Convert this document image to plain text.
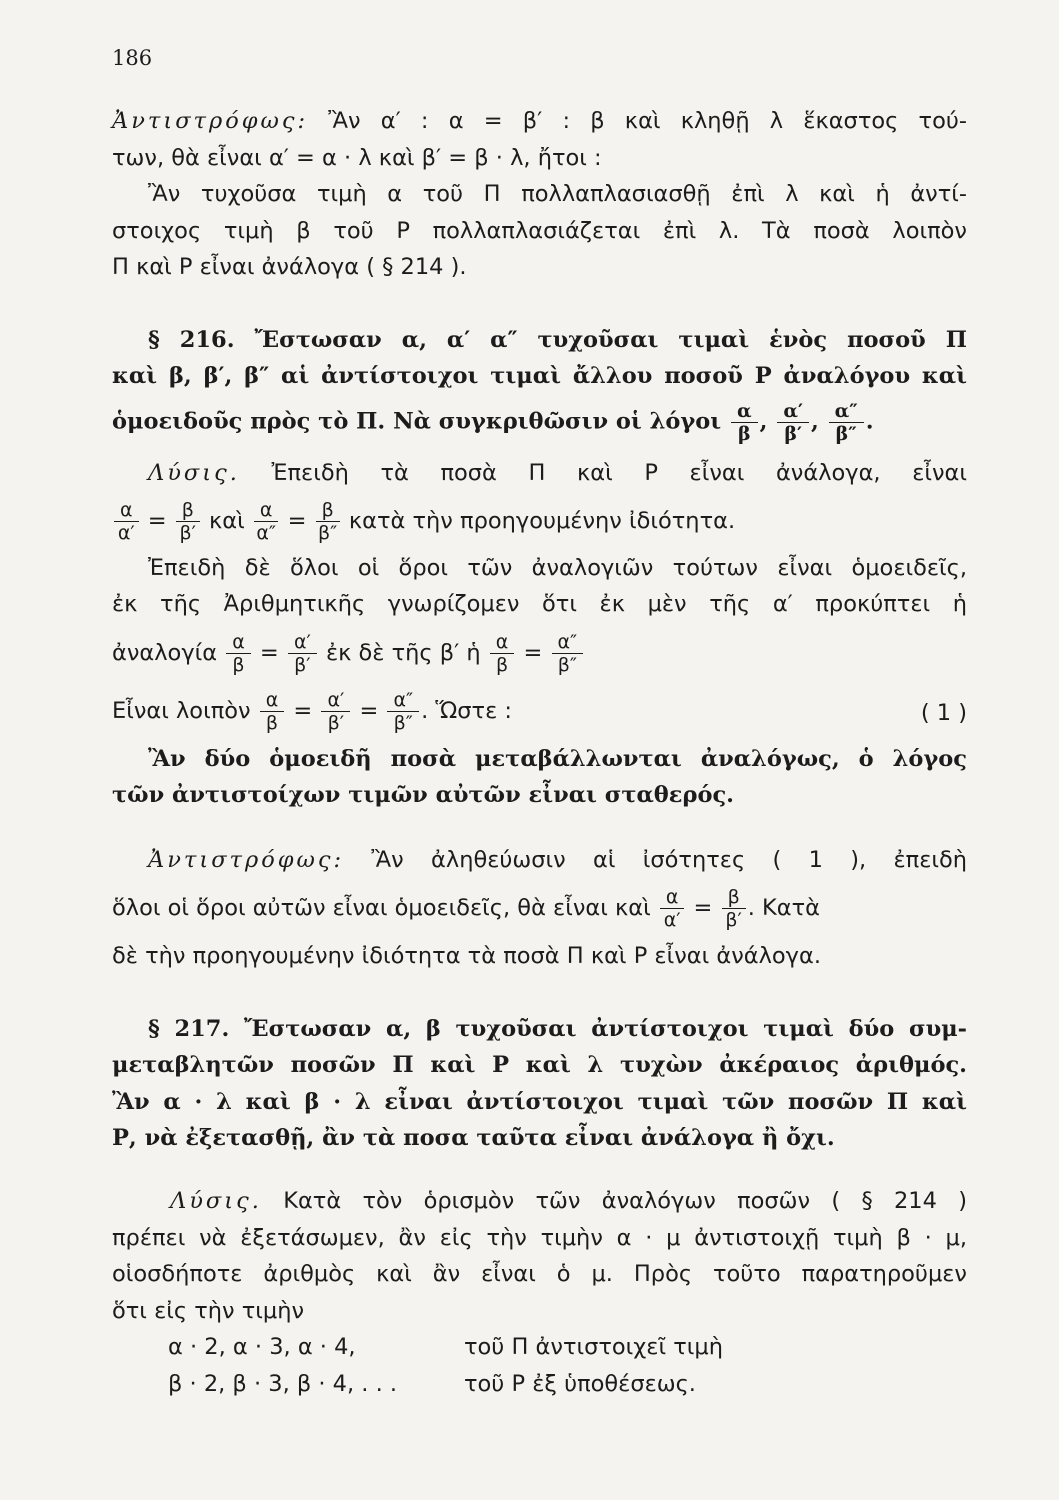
186
Ἀντιστρόφως: Ἂν α′ : α = β′ : β καὶ κληθῇ λ ἕκαστος τού-
των, θὰ εἶναι α′ = α · λ καὶ β′ = β · λ, ἤτοι :
Ἂν τυχοῦσα τιμὴ α τοῦ Π πολλαπλασιασθῇ ἐπὶ λ καὶ ἡ ἀντί-
στοιχος τιμὴ β τοῦ Ρ πολλαπλασιάζεται ἐπὶ λ. Τὰ ποσὰ λοιπὸν
Π καὶ Ρ εἶναι ἀνάλογα ( § 214 ).
§ 216. Ἔστωσαν α, α′ α″ τυχοῦσαι τιμαὶ ἑνὸς ποσοῦ Π
καὶ β, β′, β″ αἱ ἀντίστοιχοι τιμαὶ ἄλλου ποσοῦ Ρ ἀναλόγου καὶ
ὁμοειδοῦς πρὸς τὸ Π. Νὰ συγκριθῶσιν οἱ λόγοι $\frac{\alpha}{\beta}$ , $\frac{\alpha'}{\beta'}$ , $\frac{\alpha''}{\beta''}$ .
Λύσις. Ἐπειδὴ τὰ ποσὰ Π καὶ Ρ εἶναι ἀνάλογα, εἶναι
$\frac{\alpha}{\alpha'} = \frac{\beta}{\beta'}$ καὶ $\frac{\alpha}{\alpha''} = \frac{\beta}{\beta''}$ κατὰ τὴν προηγουμένην ἰδιότητα.
Ἐπειδὴ δὲ ὅλοι οἱ ὅροι τῶν ἀναλογιῶν τούτων εἶναι ὁμοειδεῖς,
ἐκ τῆς Ἀριθμητικῆς γνωρίζομεν ὅτι ἐκ μὲν τῆς α′ προκύπτει ἡ
ἀναλογία $\frac{\alpha}{\beta} = \frac{\alpha'}{\beta'}$ ἐκ δὲ τῆς β′ ἡ $\frac{\alpha}{\beta} = \frac{\alpha''}{\beta''}$
Εἶναι λοιπὸν $\frac{\alpha}{\beta} = \frac{\alpha'}{\beta'} = \frac{\alpha''}{\beta''}$ . Ὥστε :	( 1 )
Ἂν δύο ὁμοειδῆ ποσὰ μεταβάλλωνται ἀναλόγως, ὁ λόγος
τῶν ἀντιστοίχων τιμῶν αὐτῶν εἶναι σταθερός.
Ἀντιστρόφως: Ἂν ἀληθεύωσιν αἱ ἰσότητες ( 1 ), ἐπειδὴ
ὅλοι οἱ ὅροι αὐτῶν εἶναι ὁμοειδεῖς, θὰ εἶναι καὶ $\frac{\alpha}{\alpha'} = \frac{\beta}{\beta'}$ . Κατὰ
δὲ τὴν προηγουμένην ἰδιότητα τὰ ποσὰ Π καὶ Ρ εἶναι ἀνάλογα.
§ 217. Ἔστωσαν α, β τυχοῦσαι ἀντίστοιχοι τιμαὶ δύο συμ-
μεταβλητῶν ποσῶν Π καὶ Ρ καὶ λ τυχὼν ἀκέραιος ἀριθμός.
Ἂν α · λ καὶ β · λ εἶναι ἀντίστοιχοι τιμαὶ τῶν ποσῶν Π καὶ
Ρ, νὰ ἐξετασθῇ, ἂν τὰ ποσα ταῦτα εἶναι ἀνάλογα ἢ ὄχι.
Λύσις. Κατὰ τὸν ὁρισμὸν τῶν ἀναλόγων ποσῶν ( § 214 )
πρέπει νὰ ἐξετάσωμεν, ἂν εἰς τὴν τιμὴν α · μ ἀντιστοιχῇ τιμὴ β · μ,
οἱοσδήποτε ἀριθμὸς καὶ ἂν εἶναι ὁ μ. Πρὸς τοῦτο παρατηροῦμεν
ὅτι εἰς τὴν τιμὴν
α · 2, α · 3, α · 4,	τοῦ Π ἀντιστοιχεῖ τιμὴ
β · 2, β · 3, β · 4, . . .	τοῦ Ρ ἐξ ὑποθέσεως.
